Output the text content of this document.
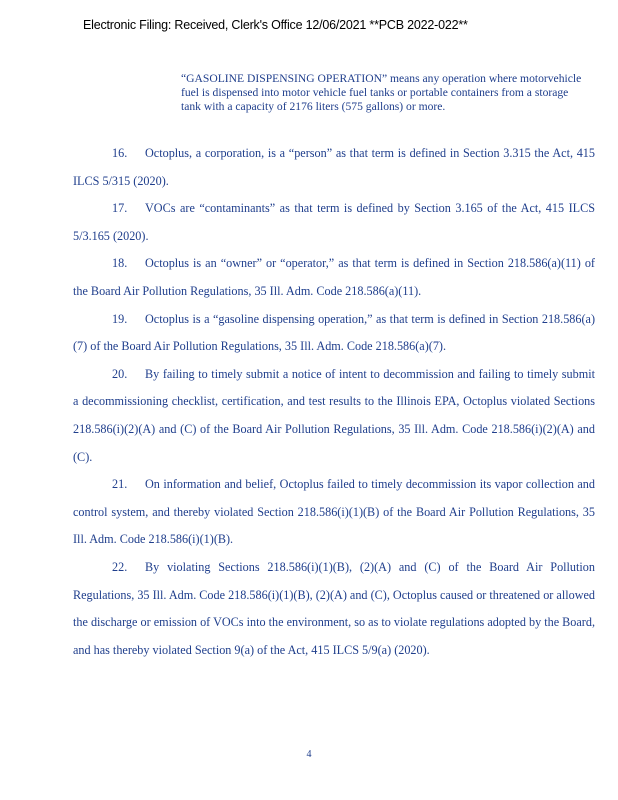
Electronic Filing: Received, Clerk's Office 12/06/2021 **PCB 2022-022**
“GASOLINE DISPENSING OPERATION” means any operation where motorvehicle fuel is dispensed into motor vehicle fuel tanks or portable containers from a storage tank with a capacity of 2176 liters (575 gallons) or more.

16. Octoplus, a corporation, is a “person” as that term is defined in Section 3.315 the Act, 415 ILCS 5/315 (2020).

17. VOCs are “contaminants” as that term is defined by Section 3.165 of the Act, 415 ILCS 5/3.165 (2020).

18. Octoplus is an “owner” or “operator,” as that term is defined in Section 218.586(a)(11) of the Board Air Pollution Regulations, 35 Ill. Adm. Code 218.586(a)(11).

19. Octoplus is a “gasoline dispensing operation,” as that term is defined in Section 218.586(a)(7) of the Board Air Pollution Regulations, 35 Ill. Adm. Code 218.586(a)(7).

20. By failing to timely submit a notice of intent to decommission and failing to timely submit a decommissioning checklist, certification, and test results to the Illinois EPA, Octoplus violated Sections 218.586(i)(2)(A) and (C) of the Board Air Pollution Regulations, 35 Ill. Adm. Code 218.586(i)(2)(A) and (C).

21. On information and belief, Octoplus failed to timely decommission its vapor collection and control system, and thereby violated Section 218.586(i)(1)(B) of the Board Air Pollution Regulations, 35 Ill. Adm. Code 218.586(i)(1)(B).

22. By violating Sections 218.586(i)(1)(B), (2)(A) and (C) of the Board Air Pollution Regulations, 35 Ill. Adm. Code 218.586(i)(1)(B), (2)(A) and (C), Octoplus caused or threatened or allowed the discharge or emission of VOCs into the environment, so as to violate regulations adopted by the Board, and has thereby violated Section 9(a) of the Act, 415 ILCS 5/9(a) (2020).

4
